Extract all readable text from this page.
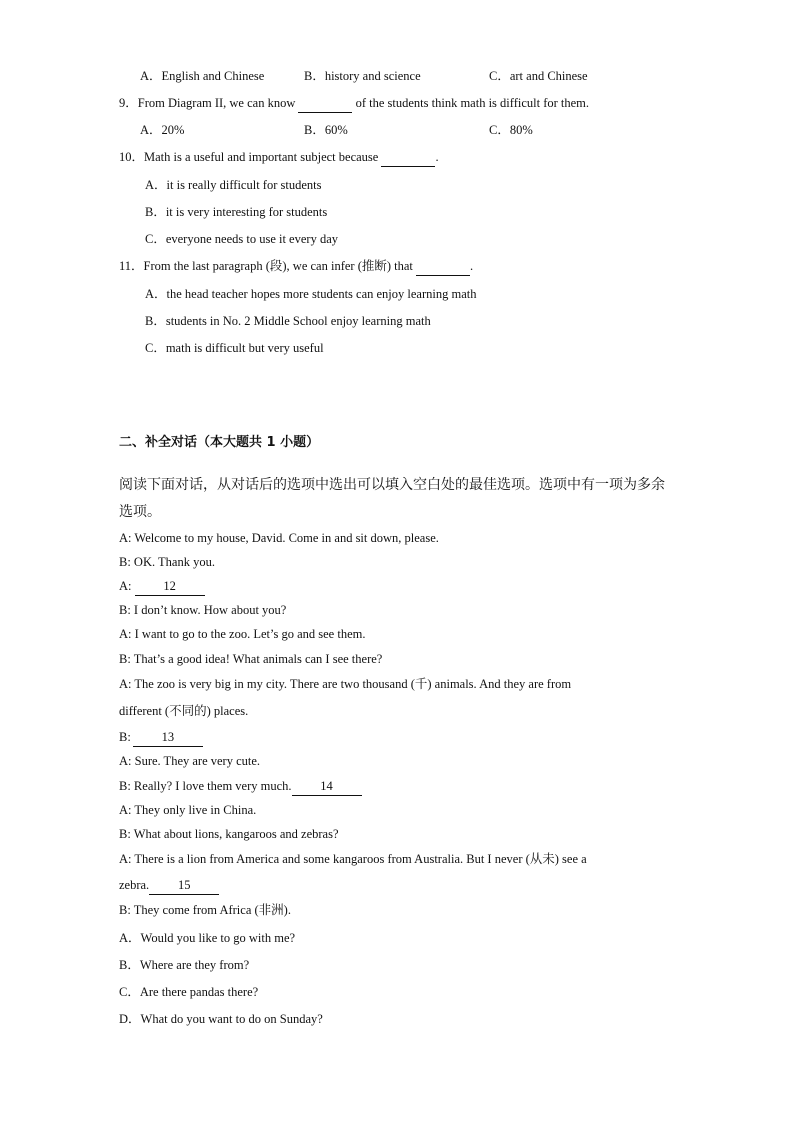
A．English and Chinese	B．history and science	C．art and Chinese
9．From Diagram II, we can know	of the students think math is difficult for them.
A．20%	B．60%	C．80%
10．Math is a useful and important subject because	.
A．it is really difficult for students
B．it is very interesting for students
C．everyone needs to use it every day
11．From the last paragraph (段), we can infer (推断) that	.
A．the head teacher hopes more students can enjoy learning math
B．students in No. 2 Middle School enjoy learning math
C．math is difficult but very useful
二、补全对话（本大题共 1 小题）
阅读下面对话，从对话后的选项中选出可以填入空白处的最佳选项。选项中有一项为多余
选项。
A: Welcome to my house, David. Come in and sit down, please.
B: OK. Thank you.
A:	12
B: I don’t know. How about you?
A: I want to go to the zoo. Let’s go and see them.
B: That’s a good idea! What animals can I see there?
A: The zoo is very big in my city. There are two thousand (千) animals. And they are from
different (不同的) places.
B: 13
A: Sure. They are very cute.
B: Really? I love them very much. 14
A: They only live in China.
B: What about lions, kangaroos and zebras?
A: There is a lion from America and some kangaroos from Australia. But I never (从未) see a
zebra. 15
B: They come from Africa (非洲).
A．Would you like to go with me?
B．Where are they from?
C．Are there pandas there?
D．What do you want to do on Sunday?
